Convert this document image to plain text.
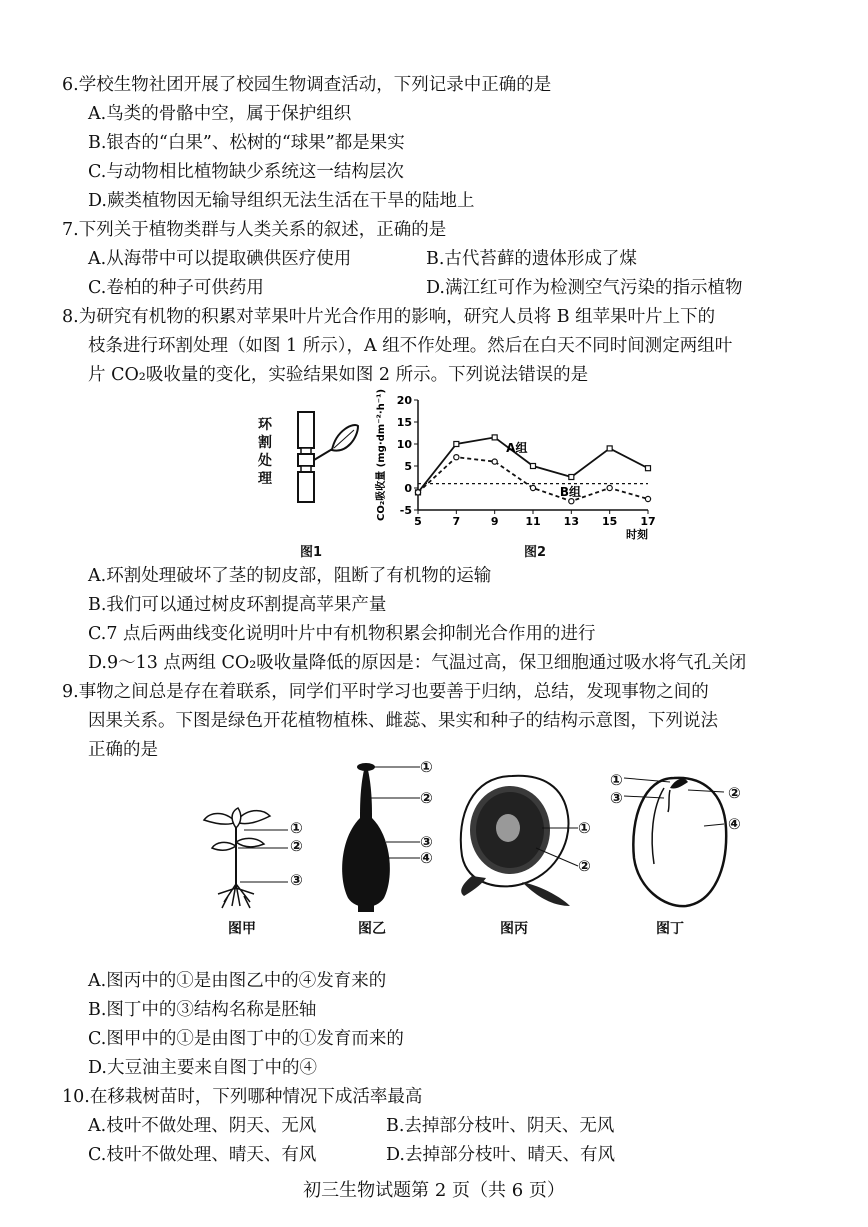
6.学校生物社团开展了校园生物调查活动，下列记录中正确的是
A.鸟类的骨骼中空，属于保护组织
B.银杏的“白果”、松树的“球果”都是果实
C.与动物相比植物缺少系统这一结构层次
D.蕨类植物因无输导组织无法生活在干旱的陆地上
7.下列关于植物类群与人类关系的叙述，正确的是
A.从海带中可以提取碘供医疗使用	B.古代苔藓的遗体形成了煤
C.卷柏的种子可供药用	D.满江红可作为检测空气污染的指示植物
8.为研究有机物的积累对苹果叶片光合作用的影响，研究人员将 B 组苹果叶片上下的
枝条进行环割处理（如图 1 所示），A 组不作处理。然后在白天不同时间测定两组叶
片 CO₂吸收量的变化，实验结果如图 2 所示。下列说法错误的是
环
割
处
理
图1
20
15
10
5
0
-5
5	7	9 11 13 15 17
时刻
CO₂吸收量 (mg·dm⁻²·h⁻¹)	A组
B组
图2
A.环割处理破坏了茎的韧皮部，阻断了有机物的运输
B.我们可以通过树皮环割提高苹果产量
C.7 点后两曲线变化说明叶片中有机物积累会抑制光合作用的进行
D.9～13 点两组 CO₂吸收量降低的原因是：气温过高，保卫细胞通过吸水将气孔关闭
9.事物之间总是存在着联系，同学们平时学习也要善于归纳，总结，发现事物之间的
因果关系。下图是绿色开花植物植株、雌蕊、果实和种子的结构示意图，下列说法
正确的是
①
②
③
图甲
①
②
③
④
图乙
①
②
图丙
①
③	②
④
图丁
A.图丙中的①是由图乙中的④发育来的
B.图丁中的③结构名称是胚轴
C.图甲中的①是由图丁中的①发育而来的
D.大豆油主要来自图丁中的④
10.在移栽树苗时，下列哪种情况下成活率最高
A.枝叶不做处理、阴天、无风	B.去掉部分枝叶、阴天、无风
C.枝叶不做处理、晴天、有风	D.去掉部分枝叶、晴天、有风
初三生物试题第 2 页（共 6 页）
